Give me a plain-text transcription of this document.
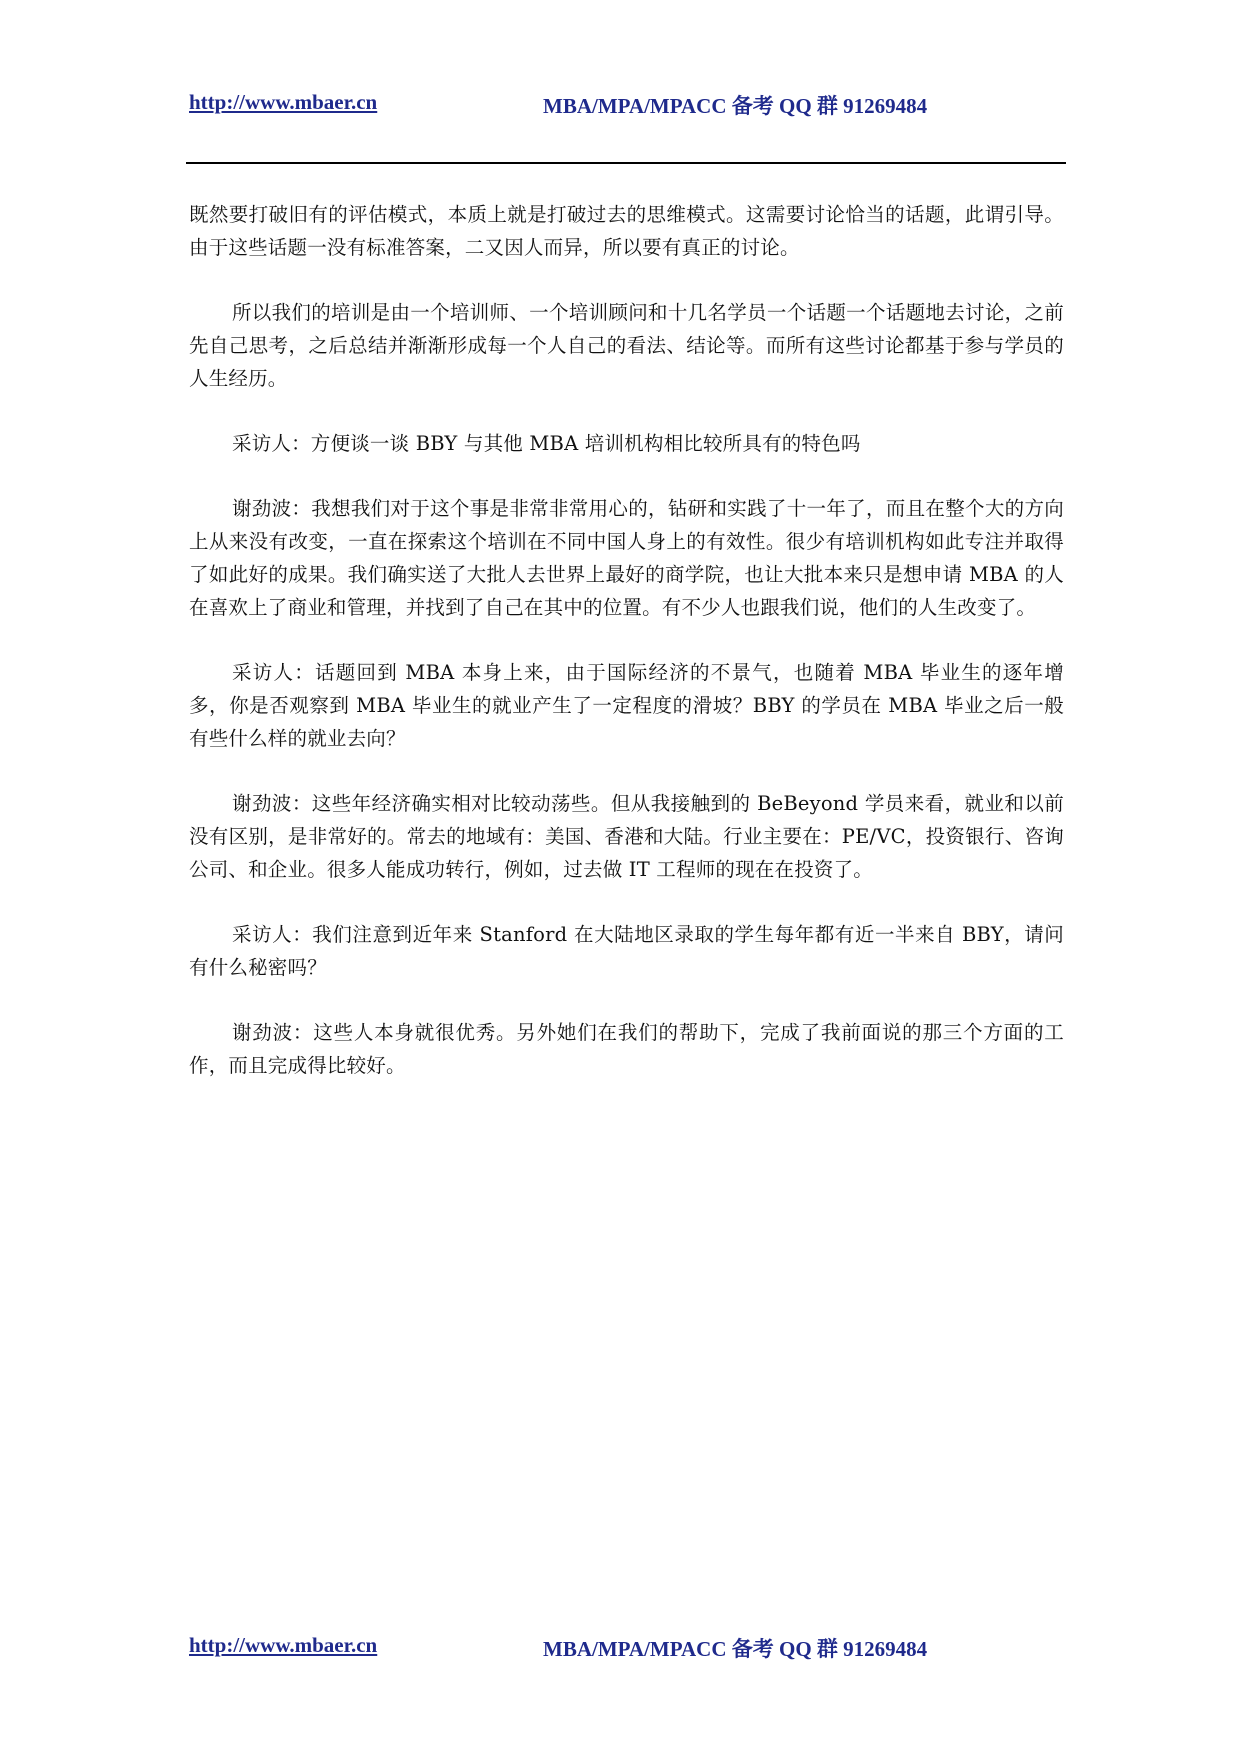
http://www.mbaer.cn	MBA/MPA/MPACC 备考 QQ 群 91269484

既然要打破旧有的评估模式，本质上就是打破过去的思维模式。这需要讨论恰当的话题，此谓引导。由于这些话题一没有标准答案，二又因人而异，所以要有真正的讨论。

所以我们的培训是由一个培训师、一个培训顾问和十几名学员一个话题一个话题地去讨论，之前先自己思考，之后总结并渐渐形成每一个人自己的看法、结论等。而所有这些讨论都基于参与学员的人生经历。

采访人：方便谈一谈 BBY 与其他 MBA 培训机构相比较所具有的特色吗

谢劲波：我想我们对于这个事是非常非常用心的，钻研和实践了十一年了，而且在整个大的方向上从来没有改变，一直在探索这个培训在不同中国人身上的有效性。很少有培训机构如此专注并取得了如此好的成果。我们确实送了大批人去世界上最好的商学院，也让大批本来只是想申请 MBA 的人在喜欢上了商业和管理，并找到了自己在其中的位置。有不少人也跟我们说，他们的人生改变了。

采访人：话题回到 MBA 本身上来，由于国际经济的不景气，也随着 MBA 毕业生的逐年增多，你是否观察到 MBA 毕业生的就业产生了一定程度的滑坡？BBY 的学员在 MBA 毕业之后一般有些什么样的就业去向？

谢劲波：这些年经济确实相对比较动荡些。但从我接触到的 BeBeyond 学员来看，就业和以前没有区别，是非常好的。常去的地域有：美国、香港和大陆。行业主要在：PE/VC，投资银行、咨询公司、和企业。很多人能成功转行，例如，过去做 IT 工程师的现在在投资了。

采访人：我们注意到近年来 Stanford 在大陆地区录取的学生每年都有近一半来自 BBY，请问有什么秘密吗？

谢劲波：这些人本身就很优秀。另外她们在我们的帮助下，完成了我前面说的那三个方面的工作，而且完成得比较好。

http://www.mbaer.cn	MBA/MPA/MPACC 备考 QQ 群 91269484
